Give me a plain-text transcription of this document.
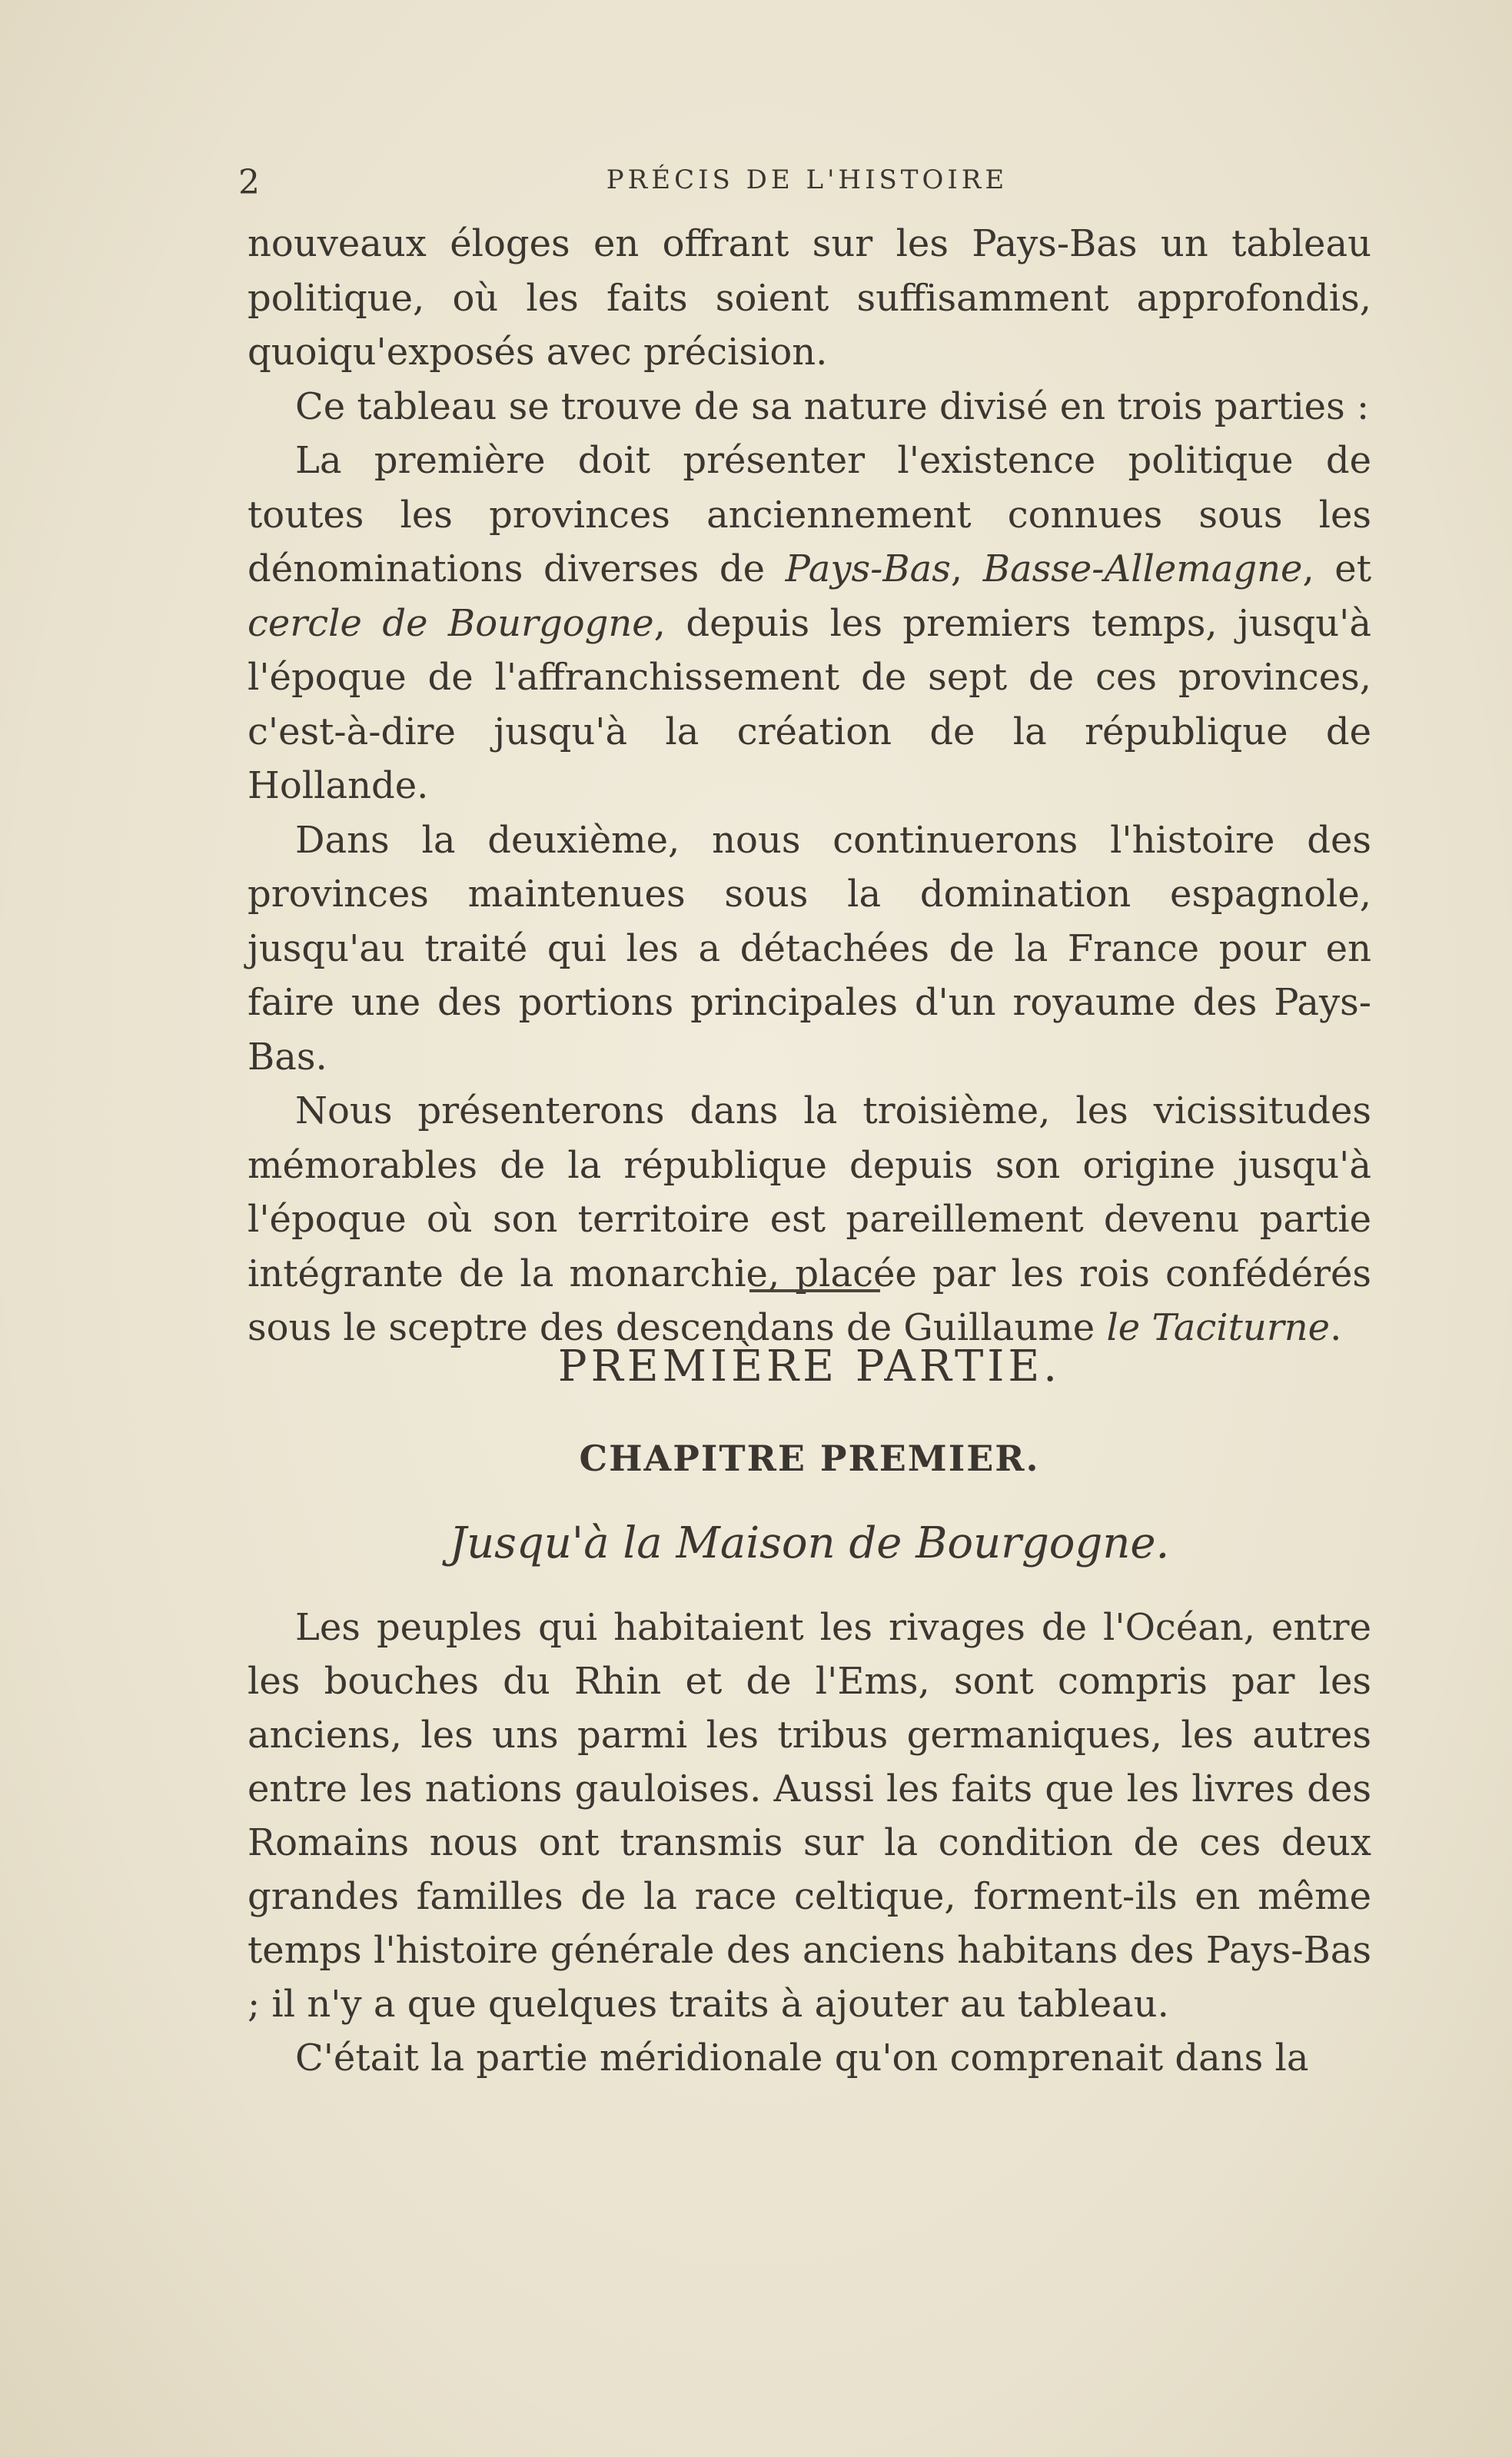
2	PRÉCIS DE L'HISTOIRE

nouveaux éloges en offrant sur les Pays-Bas un tableau politique, où les faits soient suffisamment approfondis, quoiqu'exposés avec précision.

Ce tableau se trouve de sa nature divisé en trois parties :

La première doit présenter l'existence politique de toutes les provinces anciennement connues sous les dénominations diverses de Pays-Bas, Basse-Allemagne, et cercle de Bourgogne, depuis les premiers temps, jusqu'à l'époque de l'affranchissement de sept de ces provinces, c'est-à-dire jusqu'à la création de la république de Hollande.

Dans la deuxième, nous continuerons l'histoire des provinces maintenues sous la domination espagnole, jusqu'au traité qui les a détachées de la France pour en faire une des portions principales d'un royaume des Pays-Bas.

Nous présenterons dans la troisième, les vicissitudes mémorables de la république depuis son origine jusqu'à l'époque où son territoire est pareillement devenu partie intégrante de la monarchie, placée par les rois confédérés sous le sceptre des descendans de Guillaume le Taciturne.

PREMIÈRE PARTIE.
CHAPITRE PREMIER.
Jusqu'à la Maison de Bourgogne.

Les peuples qui habitaient les rivages de l'Océan, entre les bouches du Rhin et de l'Ems, sont compris par les anciens, les uns parmi les tribus germaniques, les autres entre les nations gauloises. Aussi les faits que les livres des Romains nous ont transmis sur la condition de ces deux grandes familles de la race celtique, forment-ils en même temps l'histoire générale des anciens habitans des Pays-Bas ; il n'y a que quelques traits à ajouter au tableau.

C'était la partie méridionale qu'on comprenait dans la
